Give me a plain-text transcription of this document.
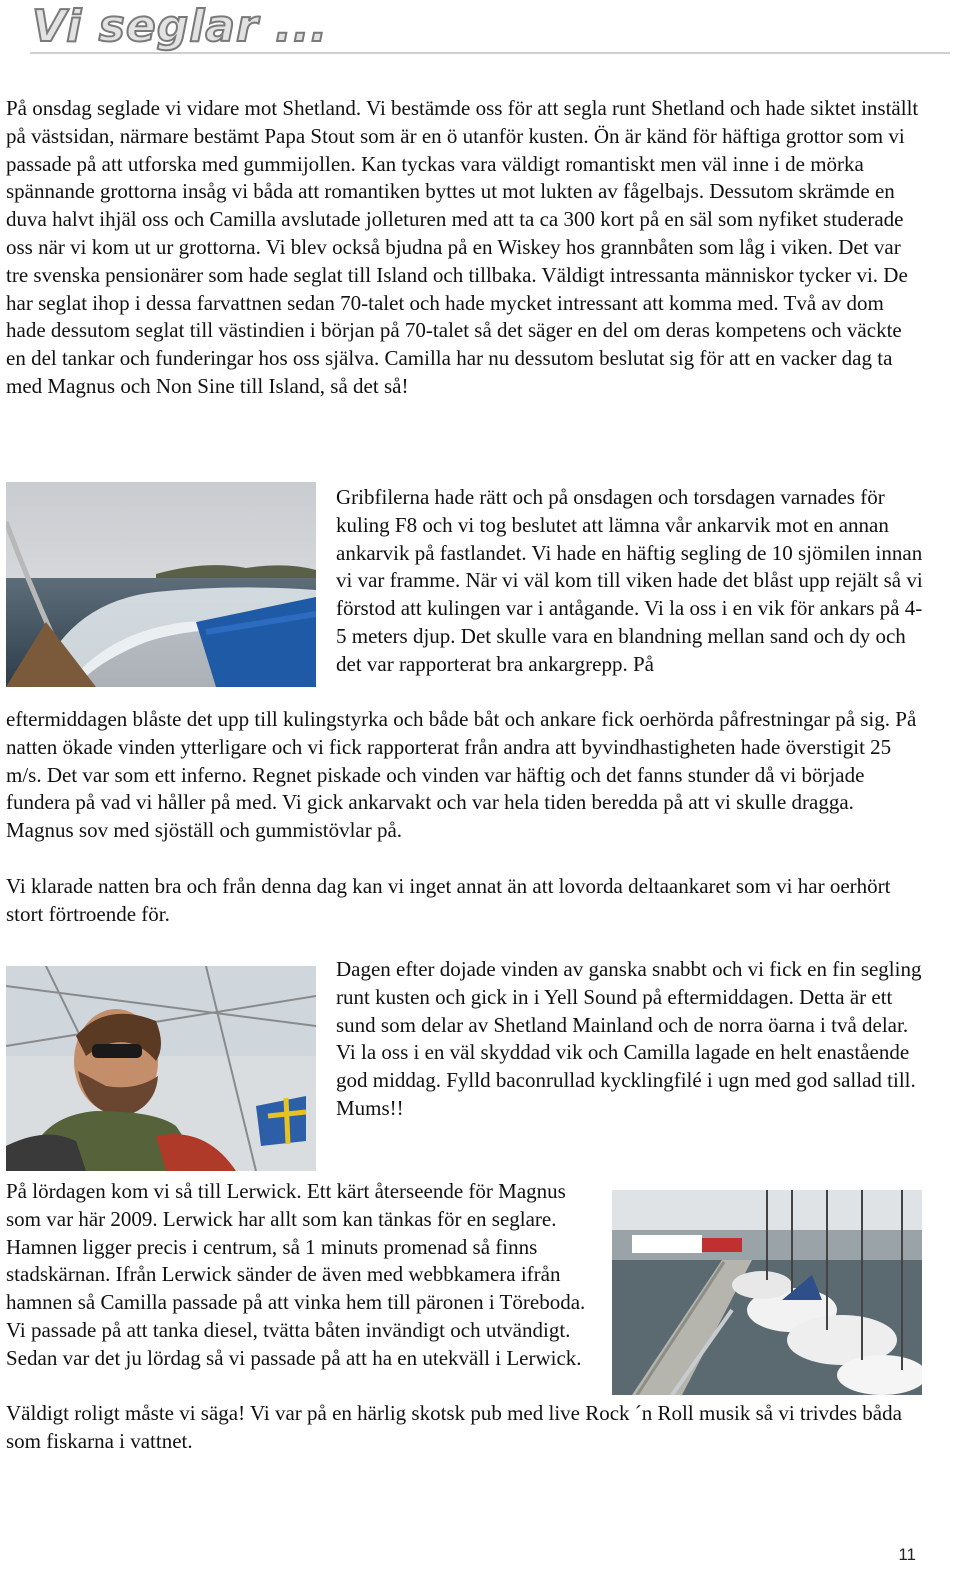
Vi seglar ...

På onsdag seglade vi vidare mot Shetland. Vi bestämde oss för att segla runt Shetland och hade siktet inställt på västsidan, närmare bestämt Papa Stout som är en ö utanför kusten. Ön är känd för häftiga grottor som vi passade på att utforska med gummijollen. Kan tyckas vara väldigt romantiskt men väl inne i de mörka spännande grottorna insåg vi båda att romantiken byttes ut mot lukten av fågelbajs. Dessutom skrämde en duva halvt ihjäl oss och Camilla avslutade jolleturen med att ta ca 300 kort på en säl som nyfiket studerade oss när vi kom ut ur grottorna. Vi blev också bjudna på en Wiskey hos grannbåten som låg i viken. Det var tre svenska pensionärer som hade seglat till Island och tillbaka. Väldigt intressanta människor tycker vi. De har seglat ihop i dessa farvattnen sedan 70-talet och hade mycket intressant att komma med. Två av dom hade dessutom seglat till västindien i början på 70-talet så det säger en del om deras kompetens och väckte en del tankar och funderingar hos oss själva. Camilla har nu dessutom beslutat sig för att en vacker dag ta med Magnus och Non Sine till Island, så det så!

Gribfilerna hade rätt och på onsdagen och torsdagen varnades för kuling F8 och vi tog beslutet att lämna vår ankarvik mot en annan ankarvik på fastlandet. Vi hade en häftig segling de 10 sjömilen innan vi var framme. När vi väl kom till viken hade det blåst upp rejält så vi förstod att kulingen var i antågande. Vi la oss i en vik för ankars på 4-5 meters djup. Det skulle vara en blandning mellan sand och dy och det var rapporterat bra ankargrepp. På

eftermiddagen blåste det upp till kulingstyrka och både båt och ankare fick oerhörda påfrestningar på sig. På natten ökade vinden ytterligare och vi fick rapporterat från andra att byvindhastigheten hade överstigit 25 m/s. Det var som ett inferno. Regnet piskade och vinden var häftig och det fanns stunder då vi började fundera på vad vi håller på med. Vi gick ankarvakt och var hela tiden beredda på att vi skulle dragga. Magnus sov med sjöställ och gummistövlar på.

Vi klarade natten bra och från denna dag kan vi inget annat än att lovorda deltaankaret som vi har oerhört stort förtroende för.

Dagen efter dojade vinden av ganska snabbt och vi fick en fin segling runt kusten och gick in i Yell Sound på eftermiddagen. Detta är ett sund som delar av Shetland Mainland och de norra öarna i två delar. Vi la oss i en väl skyddad vik och Camilla lagade en helt enastående god middag. Fylld baconrullad kycklingfilé i ugn med god sallad till. Mums!!

På lördagen kom vi så till Lerwick. Ett kärt återseende för Magnus som var här 2009. Lerwick har allt som kan tänkas för en seglare. Hamnen ligger precis i centrum, så 1 minuts promenad så finns stadskärnan. Ifrån Lerwick sänder de även med webbkamera ifrån hamnen så Camilla passade på att vinka hem till päronen i Töreboda. Vi passade på att tanka diesel, tvätta båten invändigt och utvändigt. Sedan var det ju lördag så vi passade på att ha en utekväll i Lerwick.

Väldigt roligt måste vi säga! Vi var på en härlig skotsk pub med live Rock ´n Roll musik så vi trivdes båda som fiskarna i vattnet.

11
